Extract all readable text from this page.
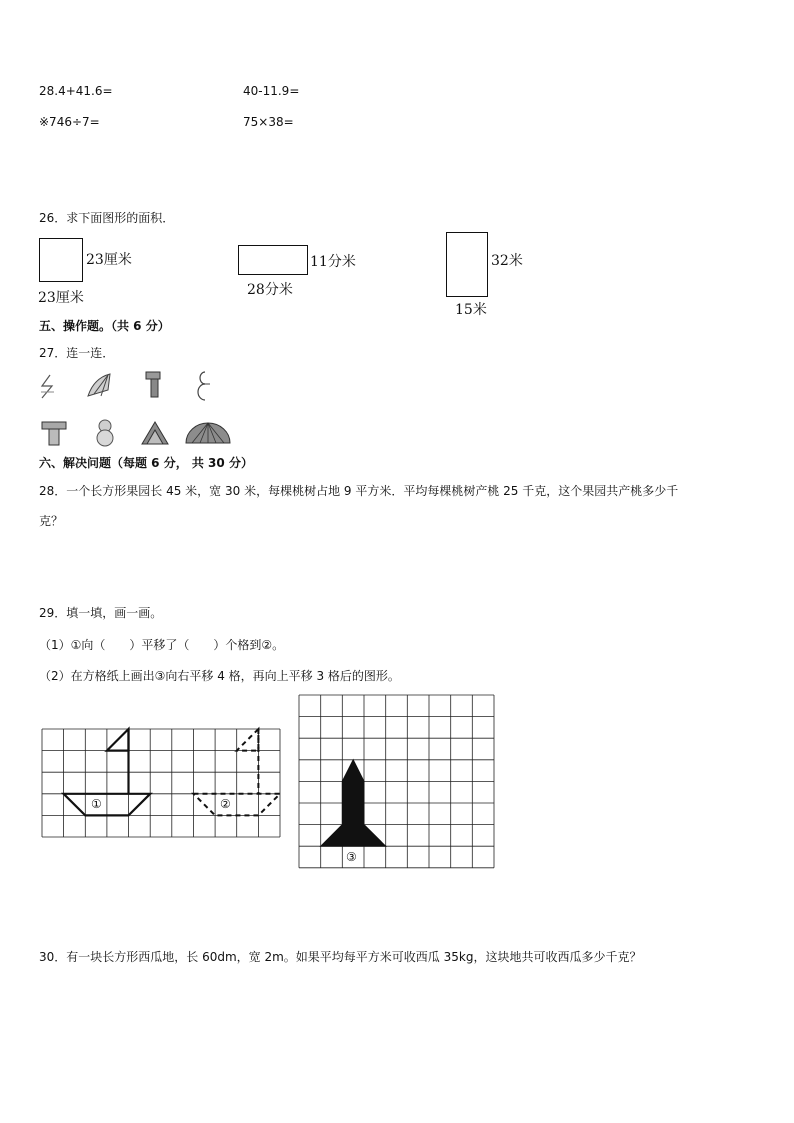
28.4+41.6=	40-11.9=
※746÷7=	75×38=
26．求下面图形的面积．
23厘米
23厘米
11分米
28分米
32米
15米
五、操作题。（共 6 分）
27．连一连．
六、解决问题（每题 6 分， 共 30 分）
28．一个长方形果园长 45 米，宽 30 米，每棵桃树占地 9 平方米．平均每棵桃树产桃 25 千克，这个果园共产桃多少千
克？
29．填一填，画一画。
（1）①向（　　）平移了（　　）个格到②。
（2）在方格纸上画出③向右平移 4 格，再向上平移 3 格后的图形。
①	②
③
30．有一块长方形西瓜地，长 60dm，宽 2m。如果平均每平方米可收西瓜 35kg，这块地共可收西瓜多少千克？
